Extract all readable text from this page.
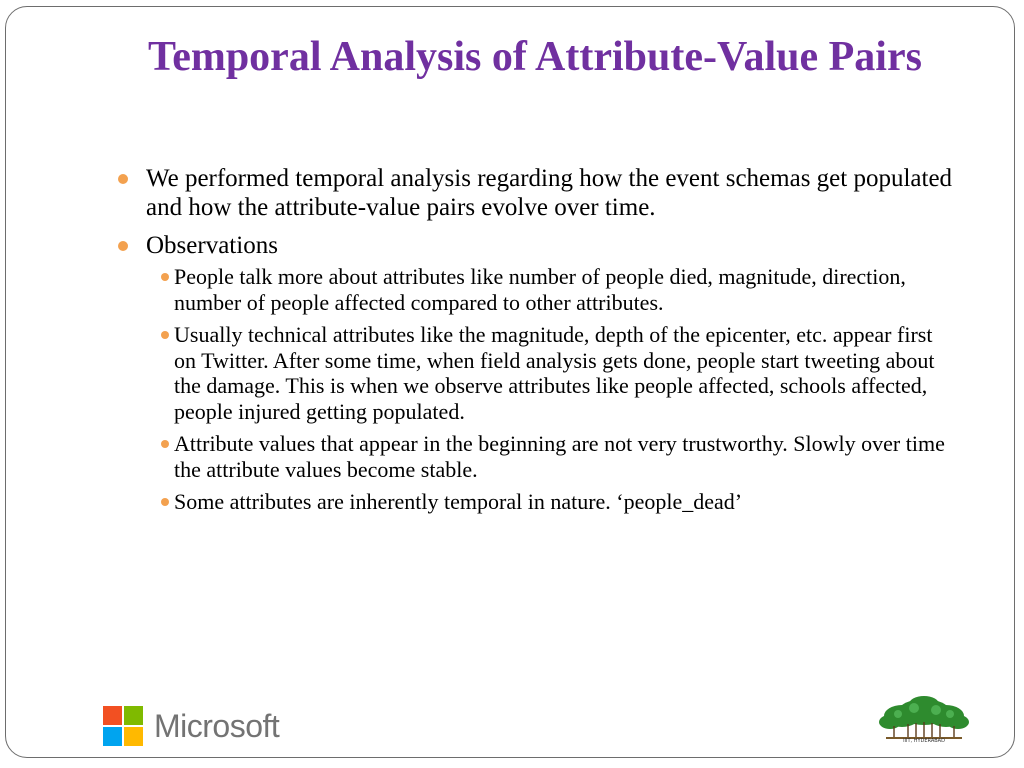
Temporal Analysis of Attribute-Value Pairs
We performed temporal analysis regarding how the event schemas get populated and how the attribute-value pairs evolve over time.
Observations
People talk more about attributes like number of people died, magnitude, direction, number of people affected compared to other attributes.
Usually technical attributes like the magnitude, depth of the epicenter, etc. appear first on Twitter. After some time, when field analysis gets done, people start tweeting about the damage. This is when we observe attributes like people affected, schools affected, people injured getting populated.
Attribute values that appear in the beginning are not very trustworthy. Slowly over time the attribute values become stable.
Some attributes are inherently temporal in nature. ‘people_dead’
Microsoft	IIIT, HYDERABAD
